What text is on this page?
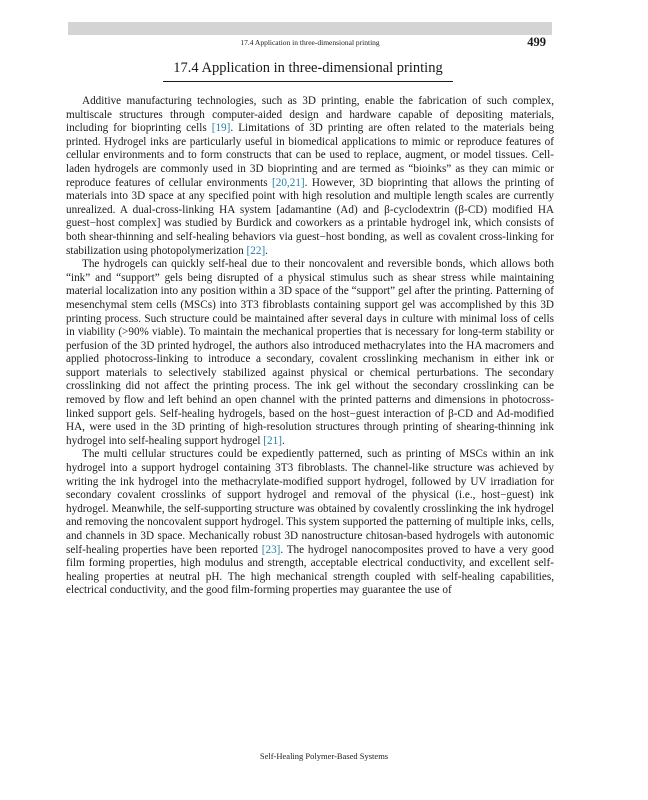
17.4 Application in three-dimensional printing	499
17.4 Application in three-dimensional printing

Additive manufacturing technologies, such as 3D printing, enable the fabrication of such complex, multiscale structures through computer-aided design and hardware capable of depositing materials, including for bioprinting cells [19]. Limitations of 3D printing are often related to the materials being printed. Hydrogel inks are particularly useful in biomedical applications to mimic or reproduce features of cellular environments and to form constructs that can be used to replace, augment, or model tissues. Cell-laden hydrogels are commonly used in 3D bioprinting and are termed as “bioinks” as they can mimic or reproduce features of cellular environments [20,21]. However, 3D bioprinting that allows the printing of materials into 3D space at any specified point with high resolution and multiple length scales are currently unrealized. A dual-cross-linking HA system [adamantine (Ad) and β-cyclodextrin (β-CD) modified HA guest−host complex] was studied by Burdick and coworkers as a printable hydrogel ink, which consists of both shear-thinning and self-healing behaviors via guest−host bonding, as well as covalent cross-linking for stabilization using photopolymerization [22].

The hydrogels can quickly self-heal due to their noncovalent and reversible bonds, which allows both “ink” and “support” gels being disrupted of a physical stimulus such as shear stress while maintaining material localization into any position within a 3D space of the “support” gel after the printing. Patterning of mesenchymal stem cells (MSCs) into 3T3 fibroblasts containing support gel was accomplished by this 3D printing process. Such structure could be maintained after several days in culture with minimal loss of cells in viability (>90% viable). To maintain the mechanical properties that is necessary for long-term stability or perfusion of the 3D printed hydrogel, the authors also introduced methacrylates into the HA macromers and applied photocross-linking to introduce a secondary, covalent crosslinking mechanism in either ink or support materials to selectively stabilized against physical or chemical perturbations. The secondary crosslinking did not affect the printing process. The ink gel without the secondary crosslinking can be removed by flow and left behind an open channel with the printed patterns and dimensions in photocross-linked support gels. Self-healing hydrogels, based on the host−guest interaction of β-CD and Ad-modified HA, were used in the 3D printing of high-resolution structures through printing of shearing-thinning ink hydrogel into self-healing support hydrogel [21].

The multi cellular structures could be expediently patterned, such as printing of MSCs within an ink hydrogel into a support hydrogel containing 3T3 fibroblasts. The channel-like structure was achieved by writing the ink hydrogel into the methacrylate-modified support hydrogel, followed by UV irradiation for secondary covalent crosslinks of support hydrogel and removal of the physical (i.e., host−guest) ink hydrogel. Meanwhile, the self-supporting structure was obtained by covalently crosslinking the ink hydrogel and removing the noncovalent support hydrogel. This system supported the patterning of multiple inks, cells, and channels in 3D space. Mechanically robust 3D nanostructure chitosan-based hydrogels with autonomic self-healing properties have been reported [23]. The hydrogel nanocomposites proved to have a very good film forming properties, high modulus and strength, acceptable electrical conductivity, and excellent self-healing properties at neutral pH. The high mechanical strength coupled with self-healing capabilities, electrical conductivity, and the good film-forming properties may guarantee the use of

Self-Healing Polymer-Based Systems
